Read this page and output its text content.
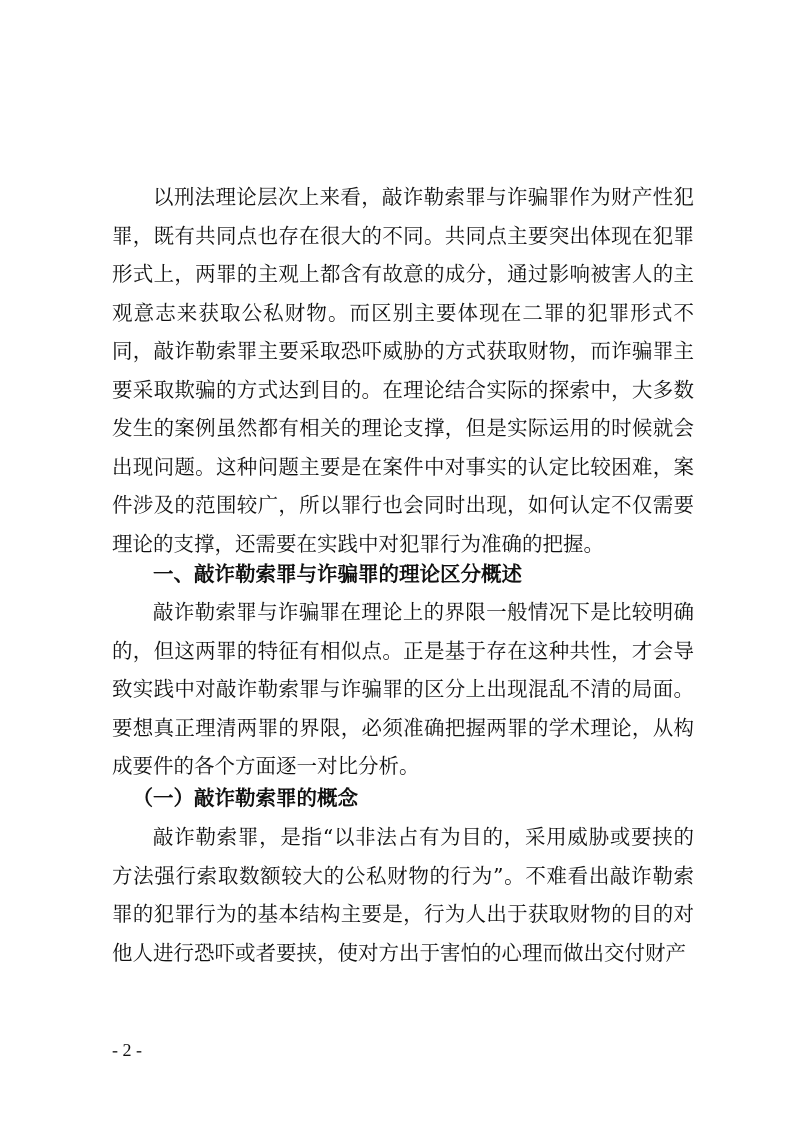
以刑法理论层次上来看，敲诈勒索罪与诈骗罪作为财产性犯罪，既有共同点也存在很大的不同。共同点主要突出体现在犯罪形式上，两罪的主观上都含有故意的成分，通过影响被害人的主观意志来获取公私财物。而区别主要体现在二罪的犯罪形式不同，敲诈勒索罪主要采取恐吓威胁的方式获取财物，而诈骗罪主要采取欺骗的方式达到目的。在理论结合实际的探索中，大多数发生的案例虽然都有相关的理论支撑，但是实际运用的时候就会出现问题。这种问题主要是在案件中对事实的认定比较困难，案件涉及的范围较广，所以罪行也会同时出现，如何认定不仅需要理论的支撑，还需要在实践中对犯罪行为准确的把握。

一、敲诈勒索罪与诈骗罪的理论区分概述

敲诈勒索罪与诈骗罪在理论上的界限一般情况下是比较明确的，但这两罪的特征有相似点。正是基于存在这种共性，才会导致实践中对敲诈勒索罪与诈骗罪的区分上出现混乱不清的局面。要想真正理清两罪的界限，必须准确把握两罪的学术理论，从构成要件的各个方面逐一对比分析。

（一）敲诈勒索罪的概念

敲诈勒索罪，是指“以非法占有为目的，采用威胁或要挟的方法强行索取数额较大的公私财物的行为”。不难看出敲诈勒索罪的犯罪行为的基本结构主要是，行为人出于获取财物的目的对他人进行恐吓或者要挟，使对方出于害怕的心理而做出交付财产

- 2 -
